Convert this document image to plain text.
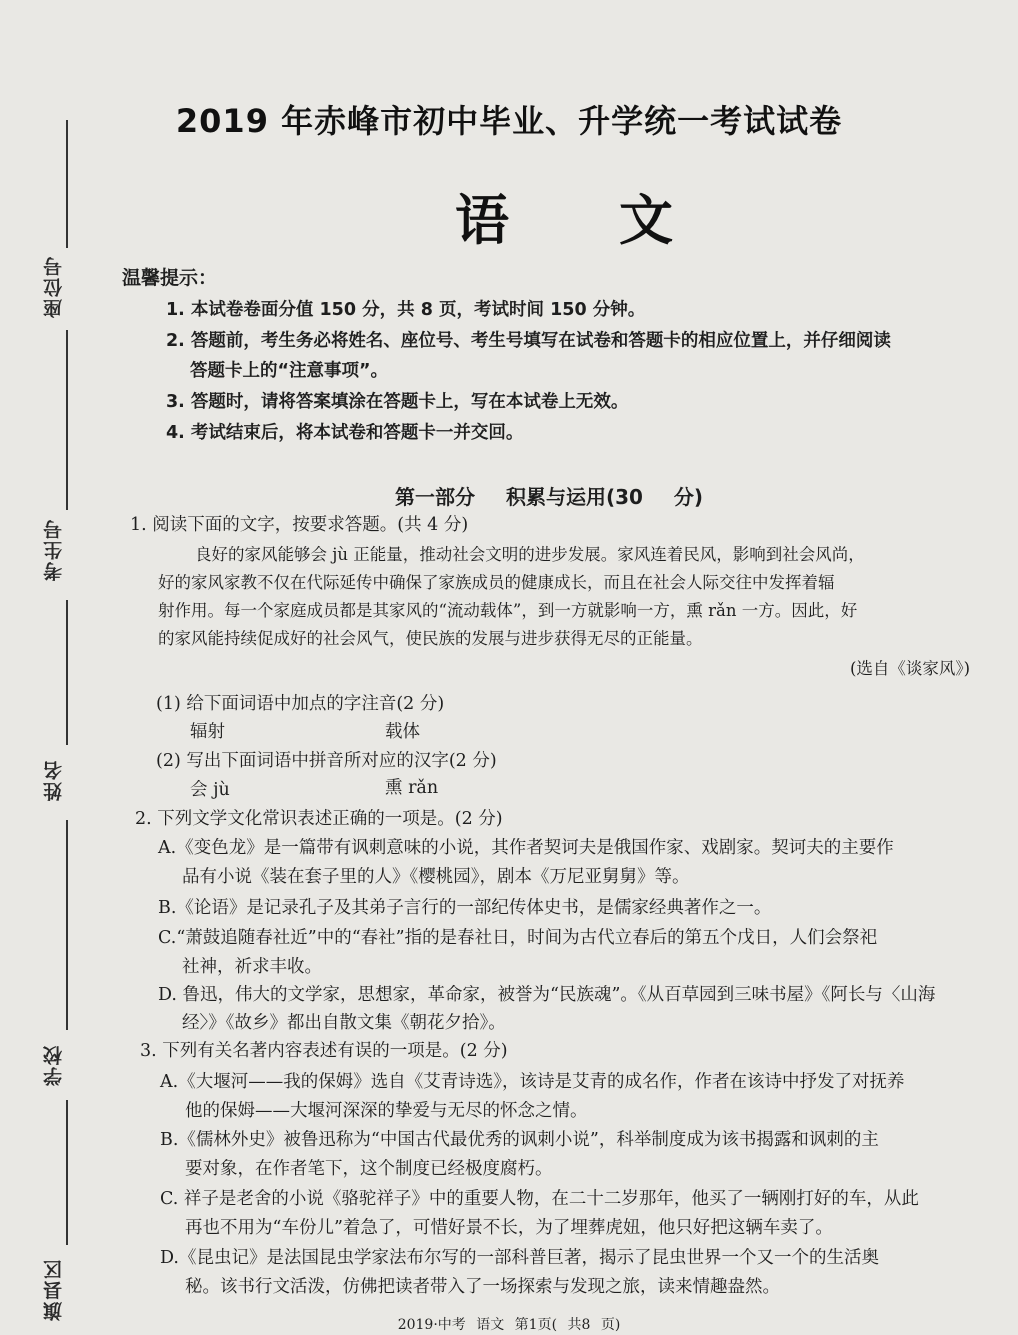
座位号
考生号
姓名
学校
旗县区
2019 年赤峰市初中毕业、升学统一考试试卷
语文
温馨提示：
1. 本试卷卷面分值 150 分，共 8 页，考试时间 150 分钟。
2. 答题前，考生务必将姓名、座位号、考生号填写在试卷和答题卡的相应位置上，并仔细阅读
答题卡上的“注意事项”。
3. 答题时，请将答案填涂在答题卡上，写在本试卷上无效。
4. 考试结束后，将本试卷和答题卡一并交回。
第一部分 积累与运用(30 分)
1. 阅读下面的文字，按要求答题。(共 4 分)
良好的家风能够会 jù 正能量，推动社会文明的进步发展。家风连着民风，影响到社会风尚，
好的家风家教不仅在代际延传中确保了家族成员的健康成长，而且在社会人际交往中发挥着辐
射作用。每一个家庭成员都是其家风的“流动载体”，到一方就影响一方，熏 rǎn 一方。因此，好
的家风能持续促成好的社会风气，使民族的发展与进步获得无尽的正能量。
(选自《谈家风》)
(1) 给下面词语中加点的字注音(2 分)
辐射	载体
(2) 写出下面词语中拼音所对应的汉字(2 分)
会 jù	熏 rǎn
2. 下列文学文化常识表述正确的一项是。(2 分)
A.《变色龙》是一篇带有讽刺意味的小说，其作者契诃夫是俄国作家、戏剧家。契诃夫的主要作
品有小说《装在套子里的人》《樱桃园》，剧本《万尼亚舅舅》等。
B.《论语》是记录孔子及其弟子言行的一部纪传体史书，是儒家经典著作之一。
C.“萧鼓追随春社近”中的“春社”指的是春社日，时间为古代立春后的第五个戊日，人们会祭祀
社神，祈求丰收。
D. 鲁迅，伟大的文学家，思想家，革命家，被誉为“民族魂”。《从百草园到三味书屋》《阿长与〈山海
经〉》《故乡》都出自散文集《朝花夕拾》。
3. 下列有关名著内容表述有误的一项是。(2 分)
A.《大堰河——我的保姆》选自《艾青诗选》，该诗是艾青的成名作，作者在该诗中抒发了对抚养
他的保姆——大堰河深深的挚爱与无尽的怀念之情。
B.《儒林外史》被鲁迅称为“中国古代最优秀的讽刺小说”，科举制度成为该书揭露和讽刺的主
要对象，在作者笔下，这个制度已经极度腐朽。
C. 祥子是老舍的小说《骆驼祥子》中的重要人物，在二十二岁那年，他买了一辆刚打好的车，从此
再也不用为“车份儿”着急了，可惜好景不长，为了埋葬虎妞，他只好把这辆车卖了。
D.《昆虫记》是法国昆虫学家法布尔写的一部科普巨著，揭示了昆虫世界一个又一个的生活奥
秘。该书行文活泼，仿佛把读者带入了一场探索与发现之旅，读来情趣盎然。
2019·中考 语文 第1页( 共8 页)
